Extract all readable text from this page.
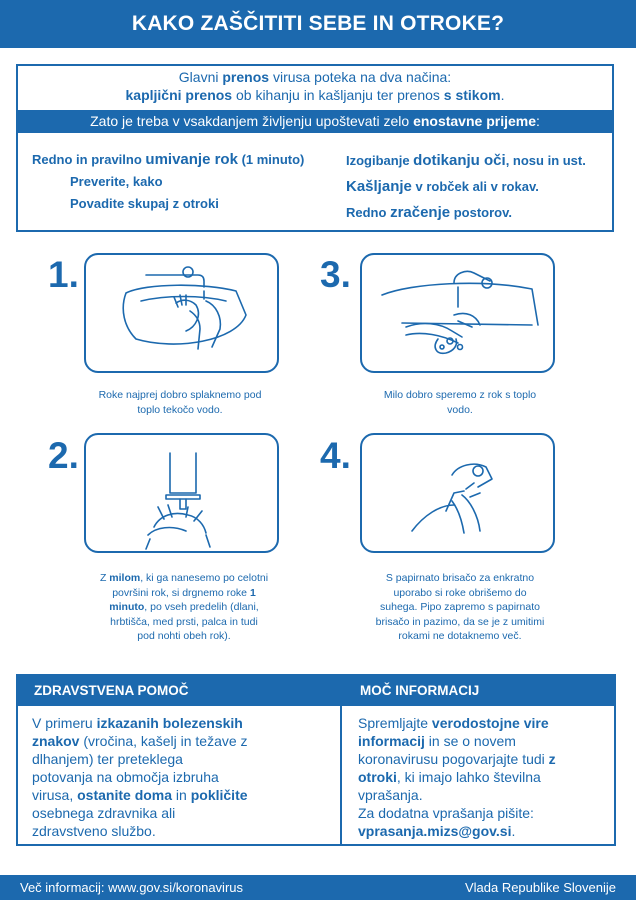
KAKO ZAŠČITITI SEBE IN OTROKE?
Glavni prenos virusa poteka na dva načina:
kapljični prenos ob kihanju in kašljanju ter prenos s stikom.
Zato je treba v vsakdanjem življenju upoštevati zelo enostavne prijeme:
Redno in pravilno umivanje rok (1 minuto)
Preverite, kako
Povadite skupaj z otroki
Izogibanje dotikanju oči, nosu in ust.
Kašljanje v robček ali v rokav.
Redno zračenje postorov.
1.
Roke najprej dobro splaknemo pod
toplo tekočo vodo.
3.
Milo dobro speremo z rok s toplo
vodo.
2.
Z milom, ki ga nanesemo po celotni
površini rok, si drgnemo roke 1
minuto, po vseh predelih (dlani,
hrbtišča, med prsti, palca in tudi
pod nohti obeh rok).
4.
S papirnato brisačo za enkratno
uporabo si roke obrišemo do
suhega. Pipo zapremo s papirnato
brisačo in pazimo, da se je z umitimi
rokami ne dotaknemo več.
ZDRAVSTVENA POMOČ
V primeru izkazanih bolezenskih
znakov (vročina, kašelj in težave z
dlhanjem) ter preteklega
potovanja na območja izbruha
virusa, ostanite doma in pokličite
osebnega zdravnika ali
zdravstveno službo.
MOČ INFORMACIJ
Spremljajte verodostojne vire
informacij in se o novem
koronavirusu pogovarjajte tudi z
otroki, ki imajo lahko številna
vprašanja.
Za dodatna vprašanja pišite:
vprasanja.mizs@gov.si.
Več informacij: www.gov.si/koronavirus	Vlada Republike Slovenije
